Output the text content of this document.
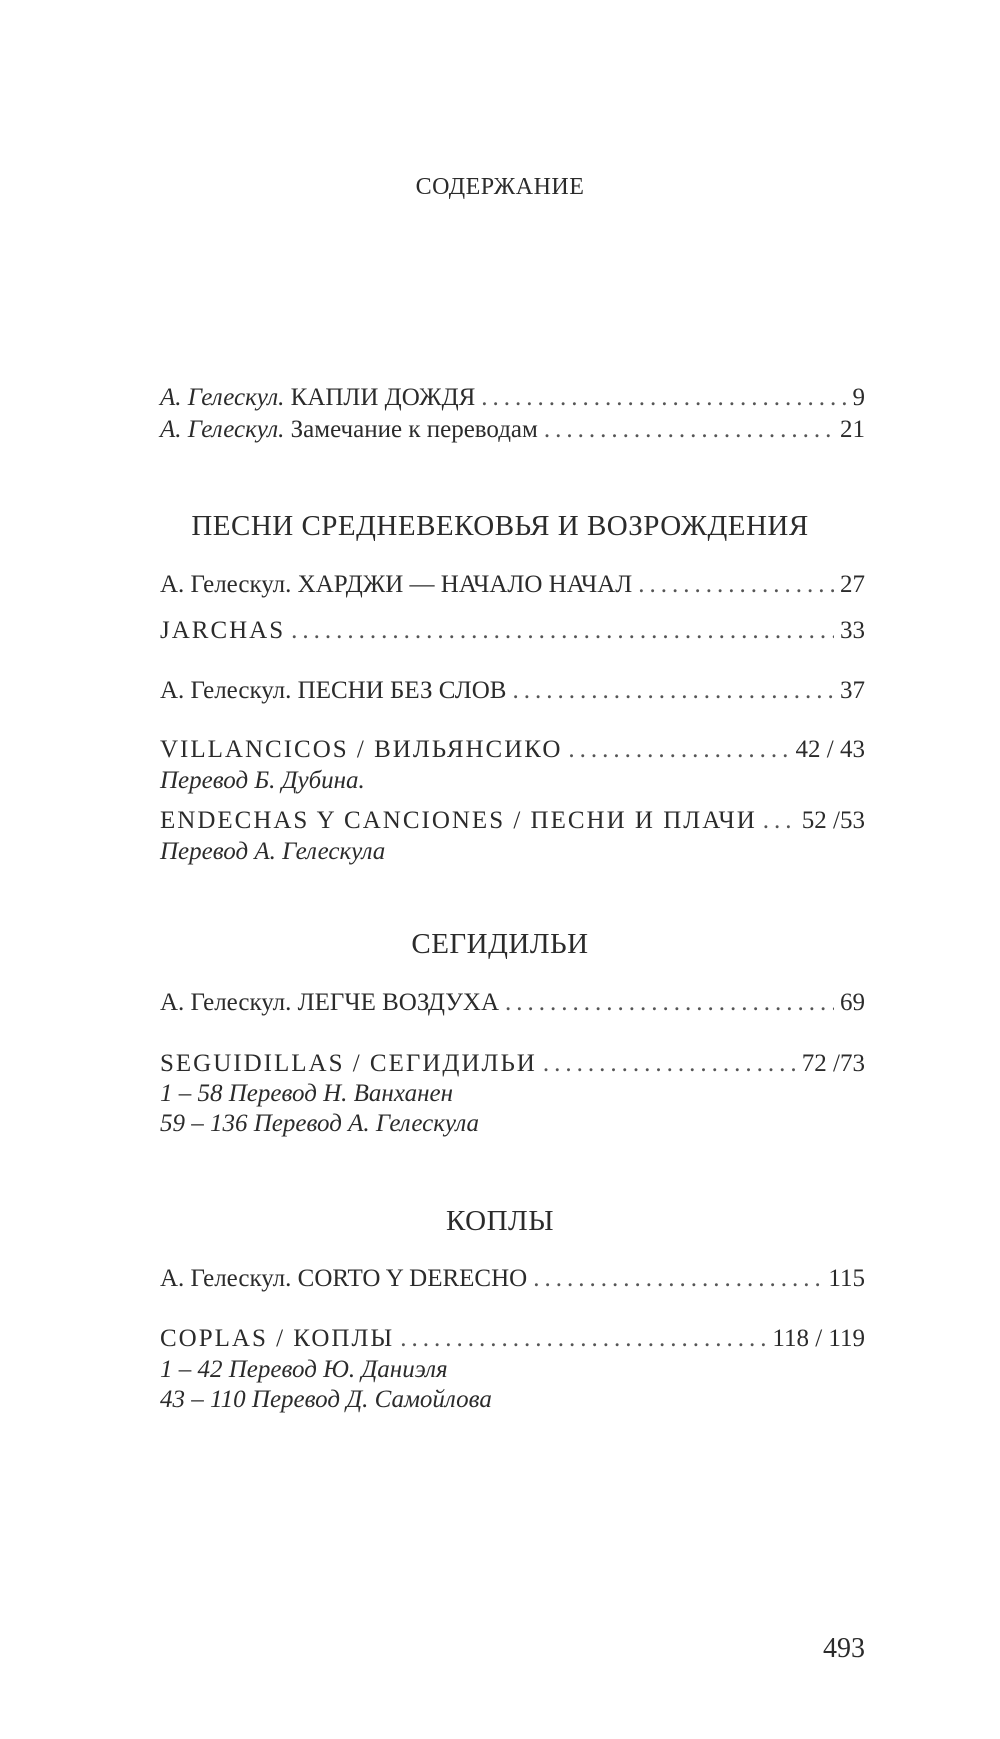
СОДЕРЖАНИЕ
А. Гелескул. КАПЛИ ДОЖДЯ .....	9
А. Гелескул. Замечание к переводам .....	21
ПЕСНИ СРЕДНЕВЕКОВЬЯ И ВОЗРОЖДЕНИЯ
А. Гелескул. ХАРДЖИ — НАЧАЛО НАЧАЛ .....	27
JARCHAS .....	33
А. Гелескул. ПЕСНИ БЕЗ СЛОВ .....	37
VILLANCICOS / ВИЛЬЯНСИКО .....	42 / 43
Перевод Б. Дубина.
ENDECHAS Y CANCIONES / ПЕСНИ И ПЛАЧИ ..... 52 /53
Перевод А. Гелескула
СЕГИДИЛЬИ
А. Гелескул. ЛЕГЧЕ ВОЗДУХА .....	69
SEGUIDILLAS / СЕГИДИЛЬИ .....	72 /73
1 – 58 Перевод Н. Ванханен
59 – 136 Перевод А. Гелескула
КОПЛЫ
А. Гелескул. CORTO Y DERECHO .....	115
COPLAS / КОПЛЫ .....	118 / 119
1 – 42 Перевод Ю. Даниэля
43 – 110 Перевод Д. Самойлова
493
